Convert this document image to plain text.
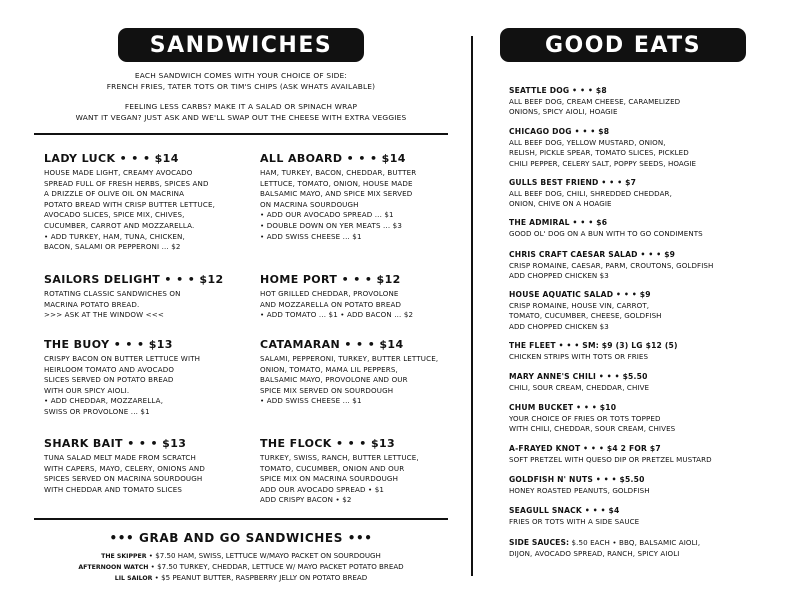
SANDWICHES	GOOD EATS
EACH SANDWICH COMES WITH YOUR CHOICE OF SIDE:
FRENCH FRIES, TATER TOTS OR TIM'S CHIPS (ASK WHATS AVAILABLE)
FEELING LESS CARBS? MAKE IT A SALAD OR SPINACH WRAP
WANT IT VEGAN? JUST ASK AND WE'LL SWAP OUT THE CHEESE WITH EXTRA VEGGIES
LADY LUCK • • • $14
HOUSE MADE LIGHT, CREAMY AVOCADO
SPREAD FULL OF FRESH HERBS, SPICES AND
A DRIZZLE OF OLIVE OIL ON MACRINA
POTATO BREAD WITH CRISP BUTTER LETTUCE,
AVOCADO SLICES, SPICE MIX, CHIVES,
CUCUMBER, CARROT AND MOZZARELLA.
• ADD TURKEY, HAM, TUNA, CHICKEN,
BACON, SALAMI OR PEPPERONI ... $2
ALL ABOARD • • • $14
HAM, TURKEY, BACON, CHEDDAR, BUTTER
LETTUCE, TOMATO, ONION, HOUSE MADE
BALSAMIC MAYO, AND SPICE MIX SERVED
ON MACRINA SOURDOUGH
• ADD OUR AVOCADO SPREAD ... $1
• DOUBLE DOWN ON YER MEATS ... $3
• ADD SWISS CHEESE ... $1
SAILORS DELIGHT • • • $12
ROTATING CLASSIC SANDWICHES ON
MACRINA POTATO BREAD.
>>> ASK AT THE WINDOW <<<
HOME PORT • • • $12
HOT GRILLED CHEDDAR, PROVOLONE
AND MOZZARELLA ON POTATO BREAD
• ADD TOMATO ... $1 • ADD BACON ... $2
THE BUOY • • • $13
CRISPY BACON ON BUTTER LETTUCE WITH
HEIRLOOM TOMATO AND AVOCADO
SLICES SERVED ON POTATO BREAD
WITH OUR SPICY AIOLI.
• ADD CHEDDAR, MOZZARELLA,
SWISS OR PROVOLONE ... $1
CATAMARAN • • • $14
SALAMI, PEPPERONI, TURKEY, BUTTER LETTUCE,
ONION, TOMATO, MAMA LIL PEPPERS,
BALSAMIC MAYO, PROVOLONE AND OUR
SPICE MIX SERVED ON SOURDOUGH
• ADD SWISS CHEESE ... $1
SHARK BAIT • • • $13
TUNA SALAD MELT MADE FROM SCRATCH
WITH CAPERS, MAYO, CELERY, ONIONS AND
SPICES SERVED ON MACRINA SOURDOUGH
WITH CHEDDAR AND TOMATO SLICES
THE FLOCK • • • $13
TURKEY, SWISS, RANCH, BUTTER LETTUCE,
TOMATO, CUCUMBER, ONION AND OUR
SPICE MIX ON MACRINA SOURDOUGH
ADD OUR AVOCADO SPREAD • $1
ADD CRISPY BACON • $2
••• GRAB AND GO SANDWICHES •••
THE SKIPPER • $7.50 HAM, SWISS, LETTUCE W/MAYO PACKET ON SOURDOUGH
AFTERNOON WATCH • $7.50 TURKEY, CHEDDAR, LETTUCE W/ MAYO PACKET POTATO BREAD
LIL SAILOR • $5 PEANUT BUTTER, RASPBERRY JELLY ON POTATO BREAD
SEATTLE DOG • • • $8
ALL BEEF DOG, CREAM CHEESE, CARAMELIZED
ONIONS, SPICY AIOLI, HOAGIE
CHICAGO DOG • • • $8
ALL BEEF DOG, YELLOW MUSTARD, ONION,
RELISH, PICKLE SPEAR, TOMATO SLICES, PICKLED
CHILI PEPPER, CELERY SALT, POPPY SEEDS, HOAGIE
GULLS BEST FRIEND • • • $7
ALL BEEF DOG, CHILI, SHREDDED CHEDDAR,
ONION, CHIVE ON A HOAGIE
THE ADMIRAL • • • $6
GOOD OL' DOG ON A BUN WITH TO GO CONDIMENTS
CHRIS CRAFT CAESAR SALAD • • • $9
CRISP ROMAINE, CAESAR, PARM, CROUTONS, GOLDFISH
ADD CHOPPED CHICKEN $3
HOUSE AQUATIC SALAD • • • $9
CRISP ROMAINE, HOUSE VIN, CARROT,
TOMATO, CUCUMBER, CHEESE, GOLDFISH
ADD CHOPPED CHICKEN $3
THE FLEET • • • SM: $9 (3) LG $12 (5)
CHICKEN STRIPS WITH TOTS OR FRIES
MARY ANNE'S CHILI • • • $5.50
CHILI, SOUR CREAM, CHEDDAR, CHIVE
CHUM BUCKET • • • $10
YOUR CHOICE OF FRIES OR TOTS TOPPED
WITH CHILI, CHEDDAR, SOUR CREAM, CHIVES
A-FRAYED KNOT • • • $4 2 FOR $7
SOFT PRETZEL WITH QUESO DIP OR PRETZEL MUSTARD
GOLDFISH N' NUTS • • • $5.50
HONEY ROASTED PEANUTS, GOLDFISH
SEAGULL SNACK • • • $4
FRIES OR TOTS WITH A SIDE SAUCE
SIDE SAUCES: $.50 EACH • BBQ, BALSAMIC AIOLI,
DIJON, AVOCADO SPREAD, RANCH, SPICY AIOLI
